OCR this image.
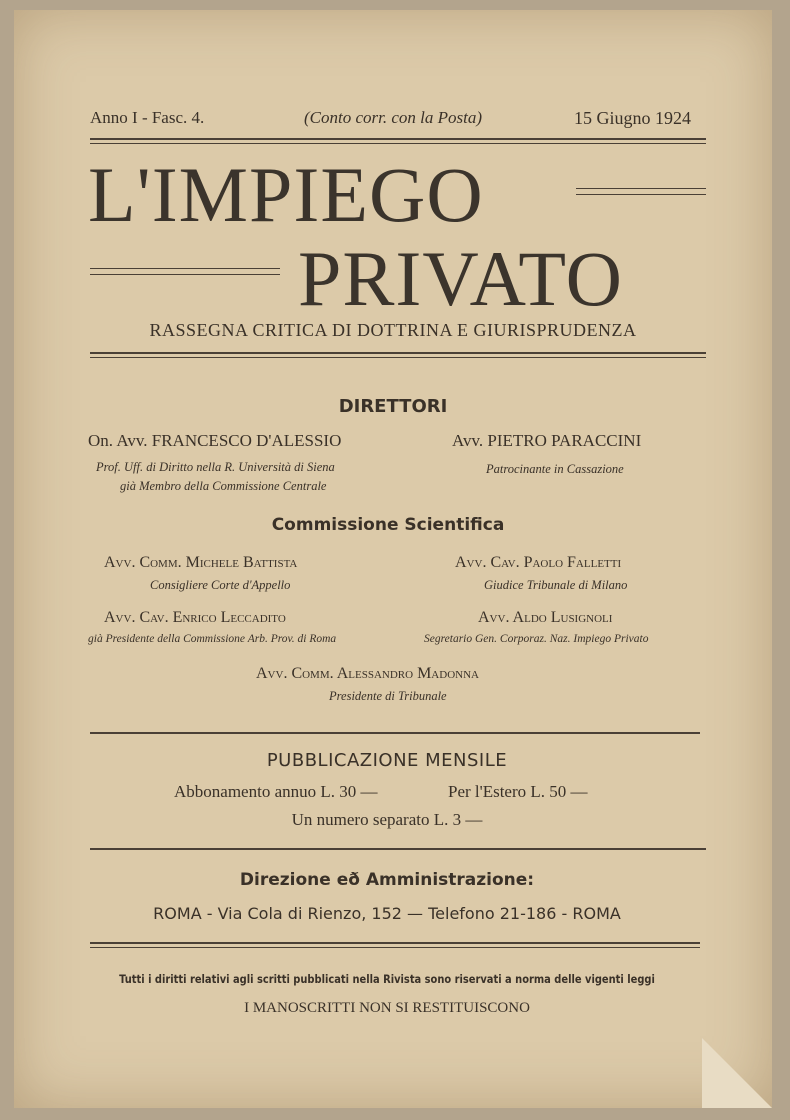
Anno I - Fasc. 4.	(Conto corr. con la Posta)	15 Giugno 1924
L'IMPIEGO
PRIVATO
RASSEGNA CRITICA DI DOTTRINA E GIURISPRUDENZA
DIRETTORI
On. Avv. FRANCESCO D'ALESSIO
Prof. Uff. di Diritto nella R. Università di Siena
già Membro della Commissione Centrale
Avv. PIETRO PARACCINI
Patrocinante in Cassazione
Commissione Scientifica
Avv. Comm. Michele Battista
Consigliere Corte d'Appello
Avv. Cav. Paolo Falletti
Giudice Tribunale di Milano
Avv. Cav. Enrico Leccadito
già Presidente della Commissione Arb. Prov. di Roma
Avv. Aldo Lusignoli
Segretario Gen. Corporaz. Naz. Impiego Privato
Avv. Comm. Alessandro Madonna
Presidente di Tribunale
PUBBLICAZIONE MENSILE
Abbonamento annuo L. 30 —	Per l'Estero L. 50 —
Un numero separato L. 3 —
Direzione eð Amministrazione:
ROMA - Via Cola di Rienzo, 152 — Telefono 21-186 - ROMA
Tutti i diritti relativi agli scritti pubblicati nella Rivista sono riservati a norma delle vigenti leggi
I MANOSCRITTI NON SI RESTITUISCONO
